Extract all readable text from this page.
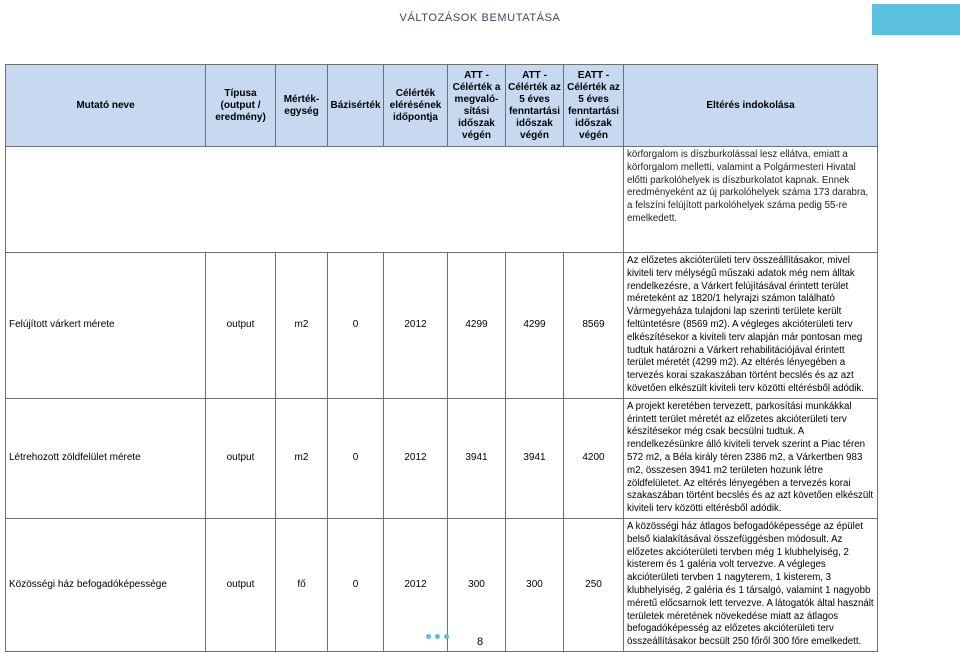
VÁLTOZÁSOK BEMUTATÁSA
Mutató neve	Típusa (output / eredmény)	Mérték-egység	Bázisérték	Célérték elérésének időpontja	ATT - Célérték a megvaló-sítási időszak végén	ATT - Célérték az 5 éves fenntartási időszak végén	EATT - Célérték az 5 éves fenntartási időszak végén	Eltérés indokolása
								körforgalom is díszburkolással lesz ellátva, emiatt a körforgalom melletti, valamint a Polgármesteri Hivatal előtti parkolóhelyek is díszburkolatot kapnak. Ennek eredményeként az új parkolóhelyek száma 173 darabra, a felszíni felújított parkolóhelyek száma pedig 55-re emelkedett.
Felújított várkert mérete	output	m2	0	2012	4299	4299	8569	Az előzetes akcióterületi terv összeállításakor, mivel kiviteli terv mélységű műszaki adatok még nem álltak rendelkezésre, a Várkert felújításával érintett terület méreteként az 1820/1 helyrajzi számon található Vármegyeháza tulajdoni lap szerinti területe került feltüntetésre (8569 m2). A végleges akcióterületi terv elkészítésekor a kiviteli terv alapján már pontosan meg tudtuk határozni a Várkert rehabilitációjával érintett terület méretét (4299 m2). Az eltérés lényegében a tervezés korai szakaszában történt becslés és az azt követően elkészült kiviteli terv közötti eltérésből adódik.
Létrehozott zöldfelület mérete	output	m2	0	2012	3941	3941	4200	A projekt keretében tervezett, parkosítási munkákkal érintett terület méretét az előzetes akcióterületi terv készítésekor még csak becsülni tudtuk. A rendelkezésünkre álló kiviteli tervek szerint a Piac téren 572 m2, a Béla király téren 2386 m2, a Várkertben 983 m2, összesen 3941 m2 területen hozunk létre zöldfelületet. Az eltérés lényegében a tervezés korai szakaszában történt becslés és az azt követően elkészült kiviteli terv közötti eltérésből adódik.
Közösségi ház befogadóképessége	output	fő	0	2012	300	300	250	A közösségi ház átlagos befogadóképessége az épület belső kialakításával összefüggésben módosult. Az előzetes akcióterületi tervben még 1 klubhelyiség, 2 kisterem és 1 galéria volt tervezve. A végleges akcióterületi tervben 1 nagyterem, 1 kisterem, 3 klubhelyiség, 2 galéria és 1 társalgó, valamint 1 nagyobb méretű előcsarnok lett tervezve. A látogatók által használt területek méretének növekedése miatt az átlagos befogadóképesség az előzetes akcióterületi terv összeállításakor becsült 250 főről 300 főre emelkedett.
8
